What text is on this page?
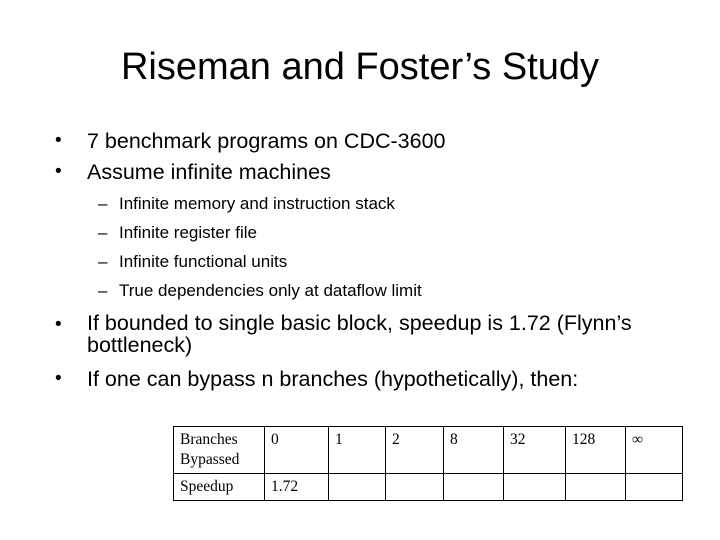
Riseman and Foster’s Study
• 7 benchmark programs on CDC-3600
• Assume infinite machines
– Infinite memory and instruction stack
– Infinite register file
– Infinite functional units
– True dependencies only at dataflow limit
• If bounded to single basic block, speedup is 1.72 (Flynn’s bottleneck)
• If one can bypass n branches (hypothetically), then:
Branches Bypassed	0	1	2	8	32	128	∞
Speedup	1.72						
